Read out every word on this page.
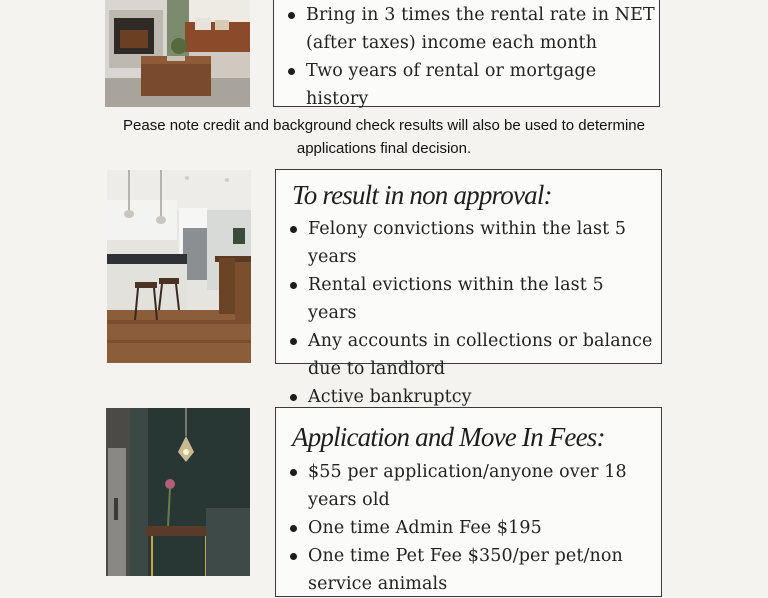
Bring in 3 times the rental rate in NET (after taxes) income each month
Two years of rental or mortgage history
Pease note credit and background check results will also be used to determine
applications final decision.
To result in non approval:
Felony convictions within the last 5 years
Rental evictions within the last 5 years
Any accounts in collections or balance due to landlord
Active bankruptcy
Application and Move In Fees:
$55 per application/anyone over 18 years old
One time Admin Fee $195
One time Pet Fee $350/per pet/non service animals
